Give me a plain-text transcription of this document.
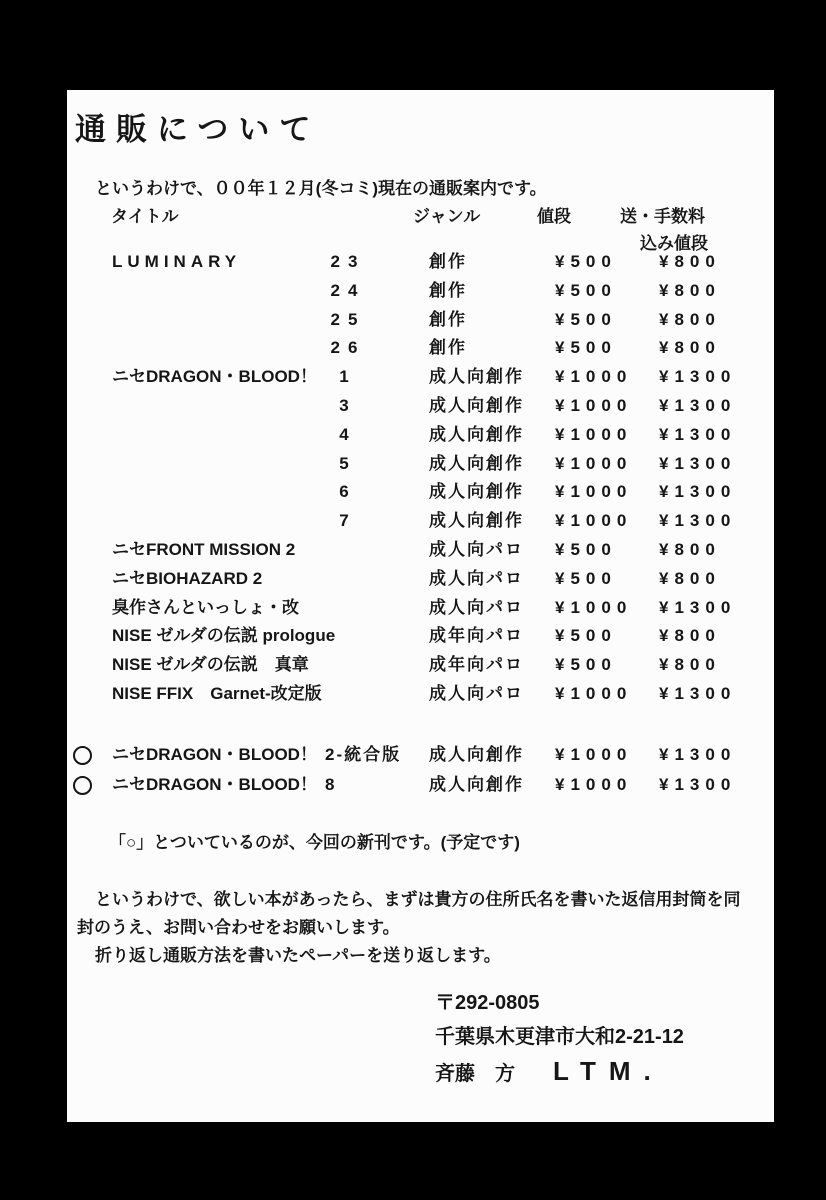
通販について
というわけで、００年１２月(冬コミ)現在の通販案内です。
タイトル	ジャンル	値段	送・手数料
込み値段
LUMINARY	23	創作	¥500 ¥800
24	創作	¥500 ¥800
25	創作	¥500 ¥800
26	創作	¥500 ¥800
ニセDRAGON・BLOOD！	1	成人向創作 ¥1000 ¥1300
3	成人向創作 ¥1000 ¥1300
4	成人向創作 ¥1000 ¥1300
5	成人向創作 ¥1000 ¥1300
6	成人向創作 ¥1000 ¥1300
7	成人向創作 ¥1000 ¥1300
ニセFRONT MISSION 2	成人向パロ ¥500 ¥800
ニセBIOHAZARD 2	成人向パロ ¥500 ¥800
臭作さんといっしょ・改	成人向パロ ¥1000 ¥1300
NISE ゼルダの伝説 prologue	成年向パロ ¥500 ¥800
NISE ゼルダの伝説　真章	成年向パロ ¥500 ¥800
NISE FFIX　Garnet-改定版	成人向パロ ¥1000 ¥1300
ニセDRAGON・BLOOD！ 2-統合版 成人向創作 ¥1000 ¥1300
ニセDRAGON・BLOOD！ 8	成人向創作 ¥1000 ¥1300
「○」とついているのが、今回の新刊です。(予定です)
というわけで、欲しい本があったら、まずは貴方の住所氏名を書いた返信用封筒を同
封のうえ、お問い合わせをお願いします。
折り返し通販方法を書いたペーパーを送り返します。
〒292-0805
千葉県木更津市大和2-21-12
斉藤　方 LTM.
